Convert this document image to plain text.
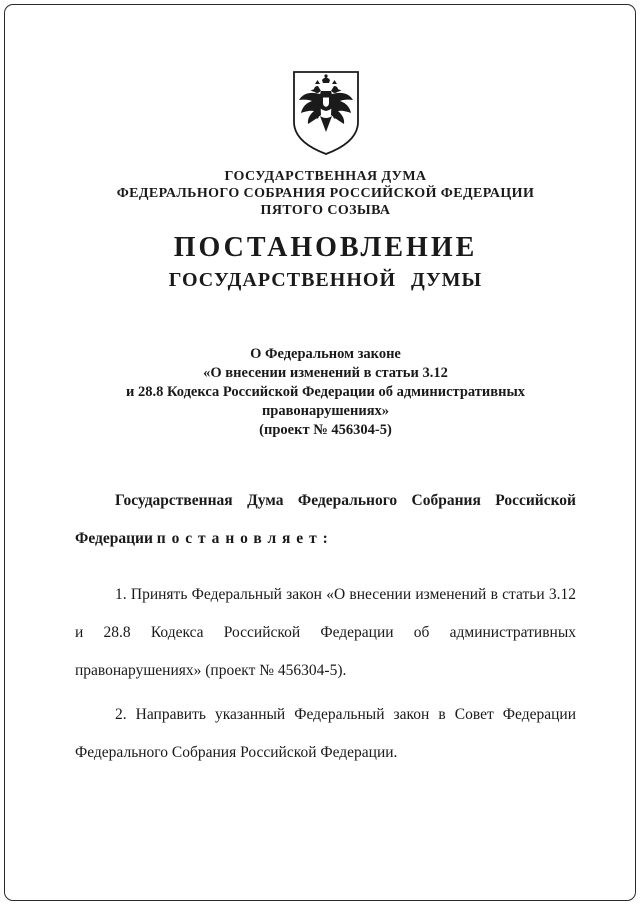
ГОСУДАРСТВЕННАЯ ДУМА
ФЕДЕРАЛЬНОГО СОБРАНИЯ РОССИЙСКОЙ ФЕДЕРАЦИИ
ПЯТОГО СОЗЫВА
ПОСТАНОВЛЕНИЕ
ГОСУДАРСТВЕННОЙ ДУМЫ
О Федеральном законе
«О внесении изменений в статьи 3.12
и 28.8 Кодекса Российской Федерации об административных
правонарушениях»
(проект № 456304-5)

Государственная Дума Федерального Собрания Российской Федерации постановляет:

1. Принять Федеральный закон «О внесении изменений в статьи 3.12 и 28.8 Кодекса Российской Федерации об административных правонарушениях» (проект № 456304-5).

2. Направить указанный Федеральный закон в Совет Федерации Федерального Собрания Российской Федерации.
